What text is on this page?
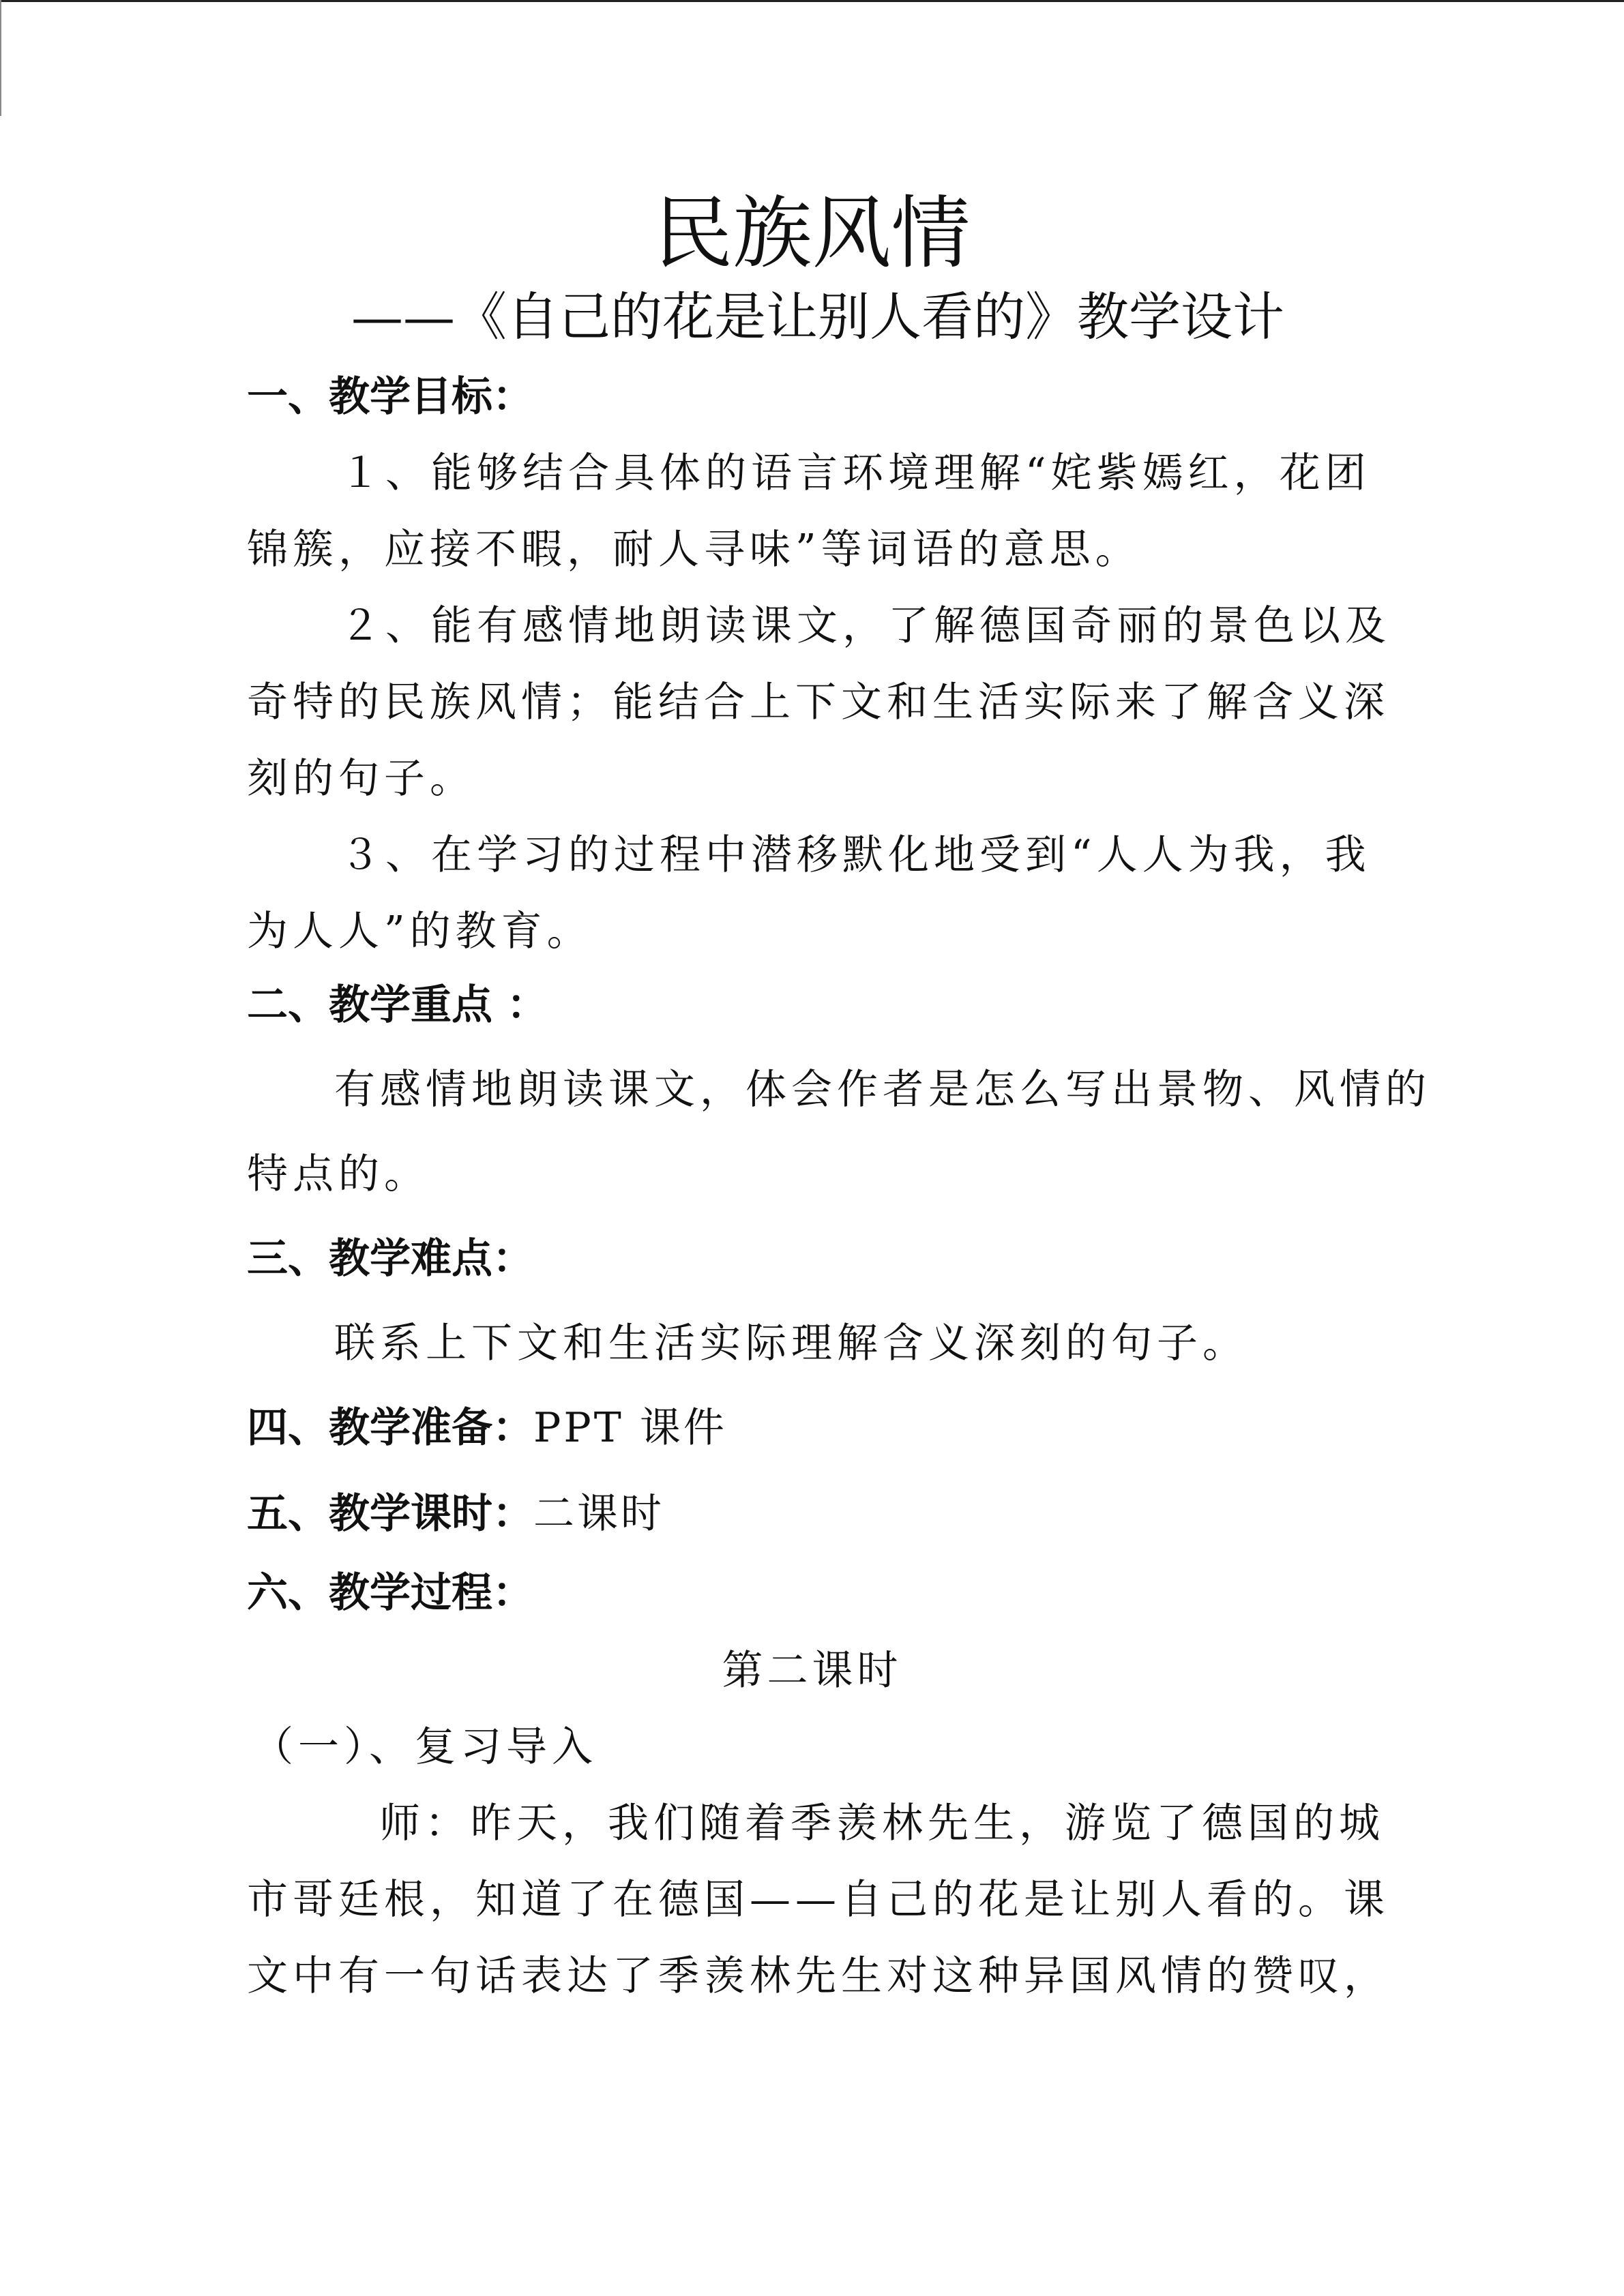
民族风情
——《自己的花是让别人看的》教学设计
一、教学目标：
１、能够结合具体的语言环境理解“姹紫嫣红，花团
锦簇，应接不暇，耐人寻味”等词语的意思。
２、能有感情地朗读课文，了解德国奇丽的景色以及
奇特的民族风情；能结合上下文和生活实际来了解含义深
刻的句子。
３、在学习的过程中潜移默化地受到“人人为我，我
为人人”的教育。
二、教学重点 ：
有感情地朗读课文，体会作者是怎么写出景物、风情的
特点的。
三、教学难点：
联系上下文和生活实际理解含义深刻的句子。
四、教学准备：PPT 课件
五、教学课时：二课时
六、教学过程：
第二课时
（一）、复习导入
师：昨天，我们随着季羡林先生，游览了德国的城
市哥廷根，知道了在德国——自己的花是让别人看的。课
文中有一句话表达了季羡林先生对这种异国风情的赞叹，
